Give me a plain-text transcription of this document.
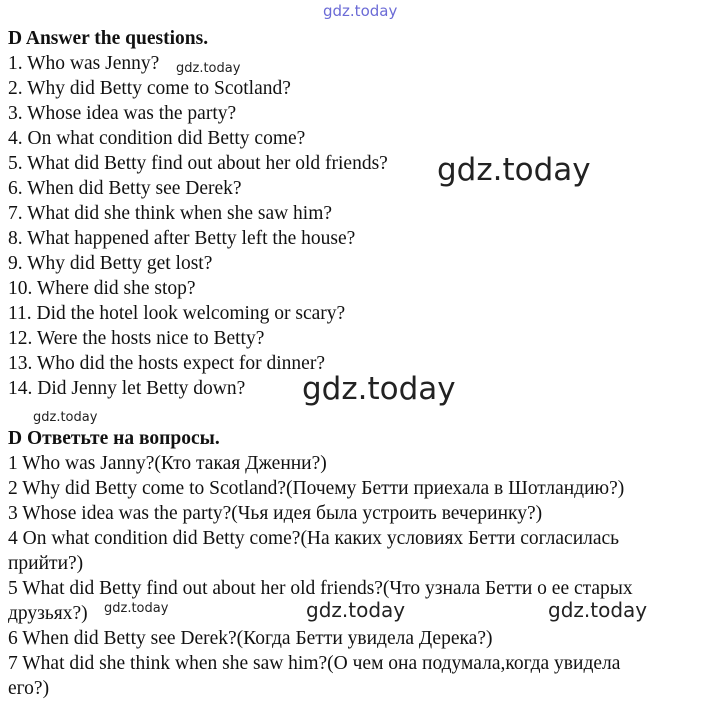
gdz.today
gdz.today
gdz.today
gdz.today
gdz.today
gdz.today	gdz.today	gdz.today
D Answer the questions.
1. Who was Jenny?
2. Why did Betty come to Scotland?
3. Whose idea was the party?
4. On what condition did Betty come?
5. What did Betty find out about her old friends?
6. When did Betty see Derek?
7. What did she think when she saw him?
8. What happened after Betty left the house?
9. Why did Betty get lost?
10. Where did she stop?
11. Did the hotel look welcoming or scary?
12. Were the hosts nice to Betty?
13. Who did the hosts expect for dinner?
14. Did Jenny let Betty down?
D Ответьте на вопросы.
1 Who was Janny?(Кто такая Дженни?)
2 Why did Betty come to Scotland?(Почему Бетти приехала в Шотландию?)
3 Whose idea was the party?(Чья идея была устроить вечеринку?)
4 On what condition did Betty come?(На каких условиях Бетти согласилась
прийти?)
5 What did Betty find out about her old friends?(Что узнала Бетти о ее старых
друзьях?)
6 When did Betty see Derek?(Когда Бетти увидела Дерека?)
7 What did she think when she saw him?(О чем она подумала,когда увидела
его?)
